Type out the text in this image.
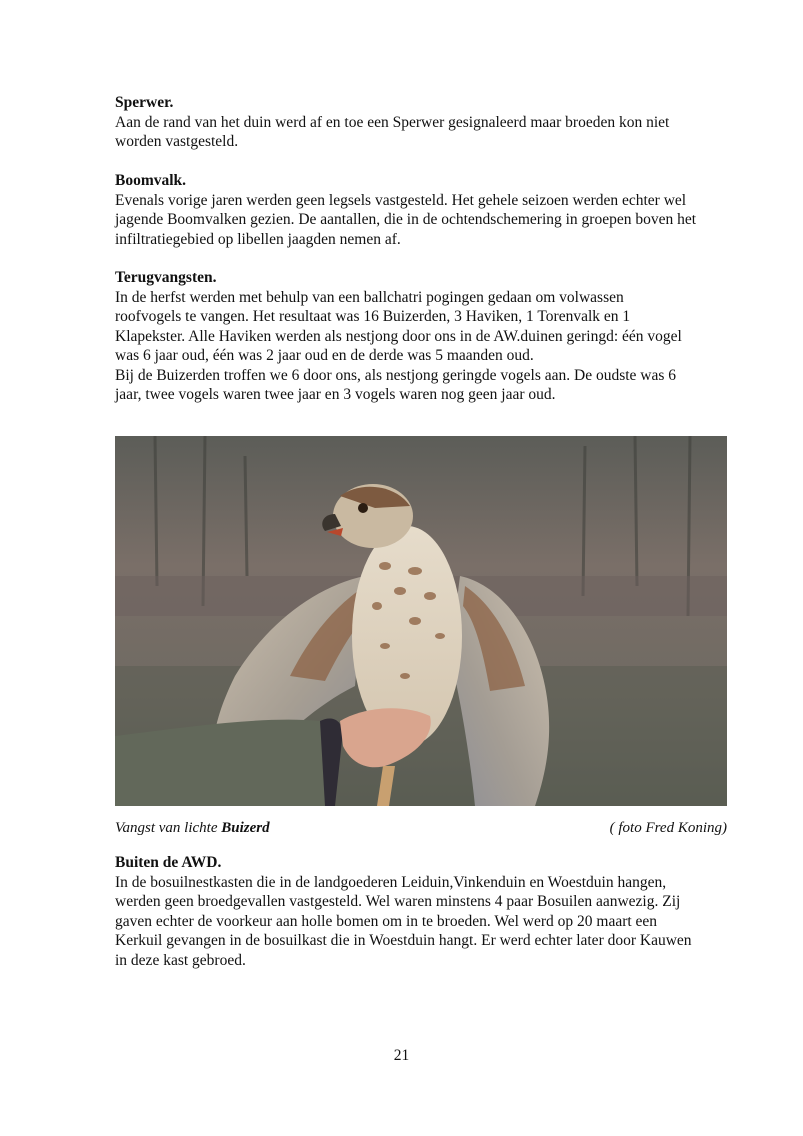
Sperwer.

Aan de rand van het duin werd af en toe een Sperwer gesignaleerd maar broeden kon niet
worden vastgesteld.

Boomvalk.

Evenals vorige jaren werden geen legsels vastgesteld. Het gehele seizoen werden echter wel
jagende Boomvalken gezien. De aantallen, die in de ochtendschemering in groepen boven het
infiltratiegebied op libellen jaagden nemen af.

Terugvangsten.

In de herfst werden met behulp van een ballchatri pogingen gedaan om volwassen
roofvogels te vangen. Het resultaat was 16 Buizerden, 3 Haviken, 1 Torenvalk en 1
Klapekster. Alle Haviken werden als nestjong door ons in de AW.duinen geringd: één vogel
was 6 jaar oud, één was 2 jaar oud en de derde was 5 maanden oud.
Bij de Buizerden troffen we 6 door ons, als nestjong geringde vogels aan. De oudste was 6
jaar, twee vogels waren twee jaar en 3 vogels waren nog geen jaar oud.

Vangst van lichte Buizerd	( foto Fred Koning)

Buiten de AWD.

In de bosuilnestkasten die in de landgoederen Leiduin,Vinkenduin en Woestduin hangen,
werden geen broedgevallen vastgesteld. Wel waren minstens 4 paar Bosuilen aanwezig. Zij
gaven echter de voorkeur aan holle bomen om in te broeden. Wel werd op 20 maart een
Kerkuil gevangen in de bosuilkast die in Woestduin hangt. Er werd echter later door Kauwen
in deze kast gebroed.

21
